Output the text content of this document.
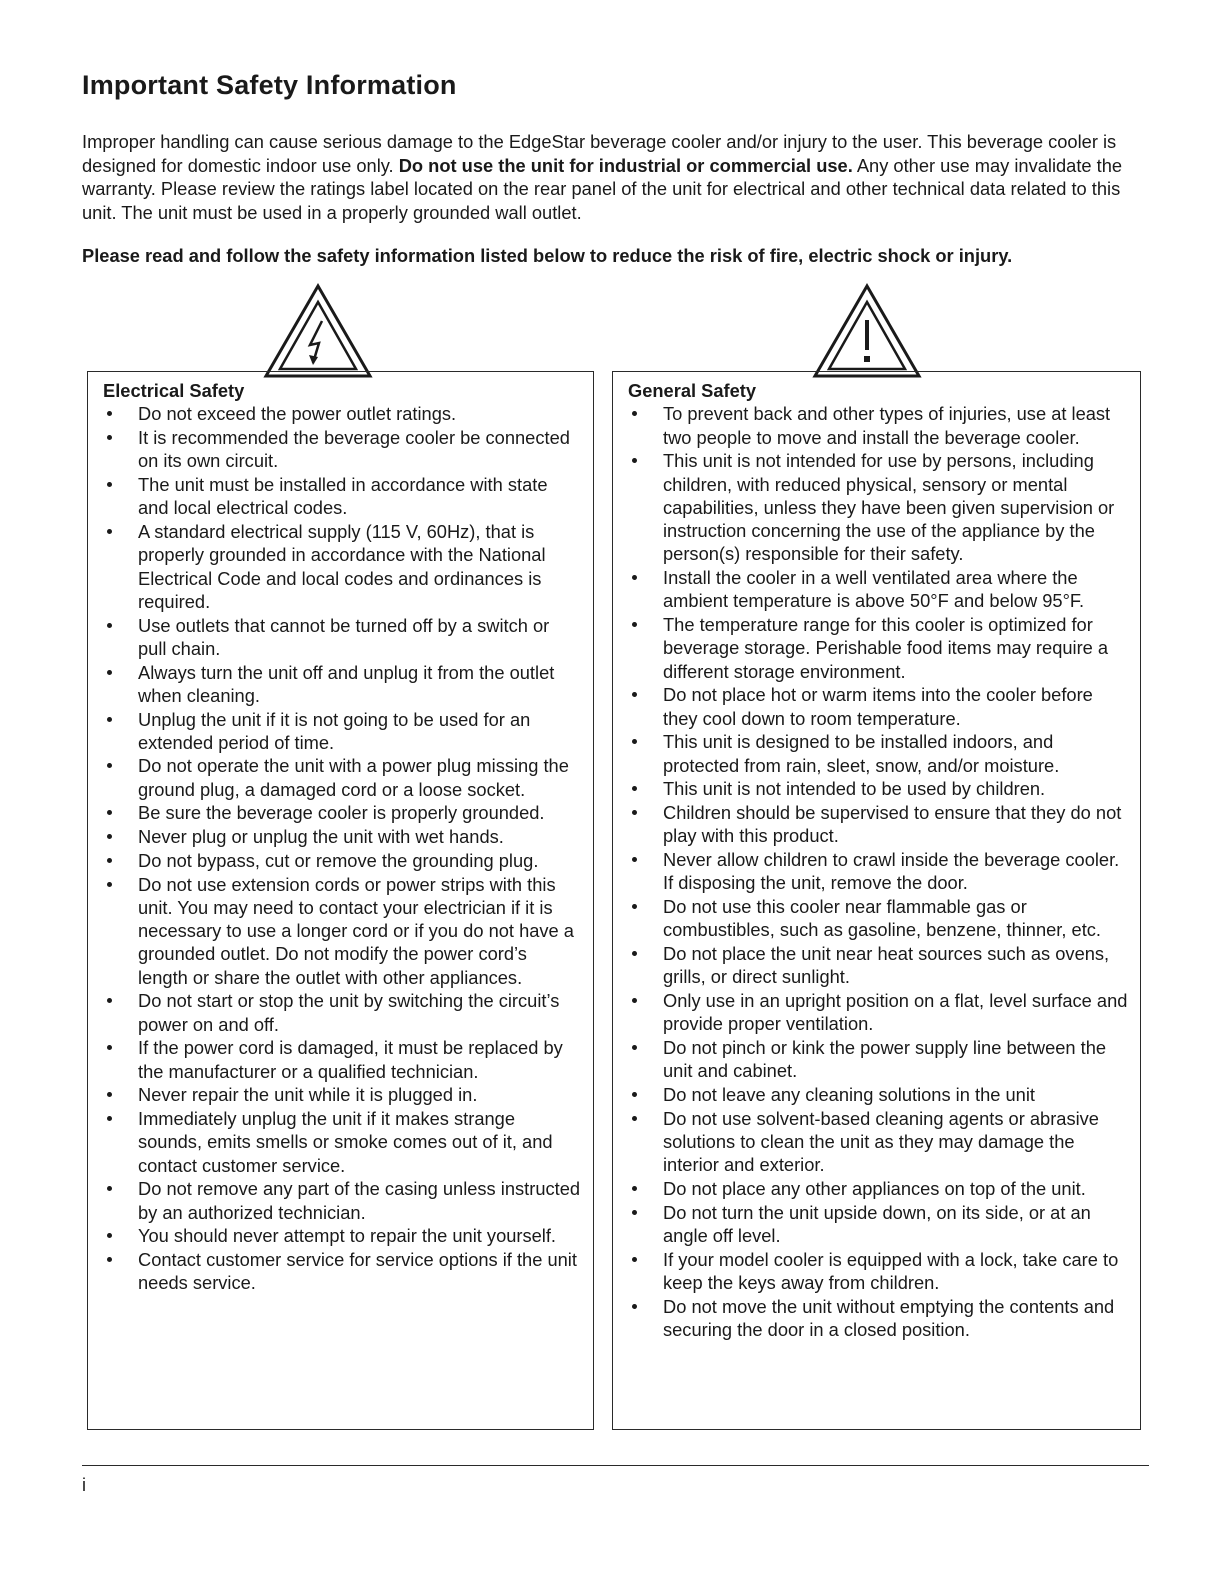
Important Safety Information

Improper handling can cause serious damage to the EdgeStar beverage cooler and/or injury to the user. This beverage cooler is designed for domestic indoor use only. Do not use the unit for industrial or commercial use. Any other use may invalidate the warranty. Please review the ratings label located on the rear panel of the unit for electrical and other technical data related to this unit. The unit must be used in a properly grounded wall outlet.

Please read and follow the safety information listed below to reduce the risk of fire, electric shock or injury.

Electrical Safety
Do not exceed the power outlet ratings.
It is recommended the beverage cooler be connected on its own circuit.
The unit must be installed in accordance with state and local electrical codes.
A standard electrical supply (115 V, 60Hz), that is properly grounded in accordance with the National Electrical Code and local codes and ordinances is required.
Use outlets that cannot be turned off by a switch or pull chain.
Always turn the unit off and unplug it from the outlet when cleaning.
Unplug the unit if it is not going to be used for an extended period of time.
Do not operate the unit with a power plug missing the ground plug, a damaged cord or a loose socket.
Be sure the beverage cooler is properly grounded.
Never plug or unplug the unit with wet hands.
Do not bypass, cut or remove the grounding plug.
Do not use extension cords or power strips with this unit. You may need to contact your electrician if it is necessary to use a longer cord or if you do not have a grounded outlet. Do not modify the power cord’s length or share the outlet with other appliances.
Do not start or stop the unit by switching the circuit’s power on and off.
If the power cord is damaged, it must be replaced by the manufacturer or a qualified technician.
Never repair the unit while it is plugged in.
Immediately unplug the unit if it makes strange sounds, emits smells or smoke comes out of it, and contact customer service.
Do not remove any part of the casing unless instructed by an authorized technician.
You should never attempt to repair the unit yourself.
Contact customer service for service options if the unit needs service.
General Safety
To prevent back and other types of injuries, use at least two people to move and install the beverage cooler.
This unit is not intended for use by persons, including children, with reduced physical, sensory or mental capabilities, unless they have been given supervision or instruction concerning the use of the appliance by the person(s) responsible for their safety.
Install the cooler in a well ventilated area where the ambient temperature is above 50°F and below 95°F.
The temperature range for this cooler is optimized for beverage storage. Perishable food items may require a different storage environment.
Do not place hot or warm items into the cooler before they cool down to room temperature.
This unit is designed to be installed indoors, and protected from rain, sleet, snow, and/or moisture.
This unit is not intended to be used by children.
Children should be supervised to ensure that they do not play with this product.
Never allow children to crawl inside the beverage cooler. If disposing the unit, remove the door.
Do not use this cooler near flammable gas or combustibles, such as gasoline, benzene, thinner, etc.
Do not place the unit near heat sources such as ovens, grills, or direct sunlight.
Only use in an upright position on a flat, level surface and provide proper ventilation.
Do not pinch or kink the power supply line between the unit and cabinet.
Do not leave any cleaning solutions in the unit
Do not use solvent-based cleaning agents or abrasive solutions to clean the unit as they may damage the interior and exterior.
Do not place any other appliances on top of the unit.
Do not turn the unit upside down, on its side, or at an angle off level.
If your model cooler is equipped with a lock, take care to keep the keys away from children.
Do not move the unit without emptying the contents and securing the door in a closed position.
i
